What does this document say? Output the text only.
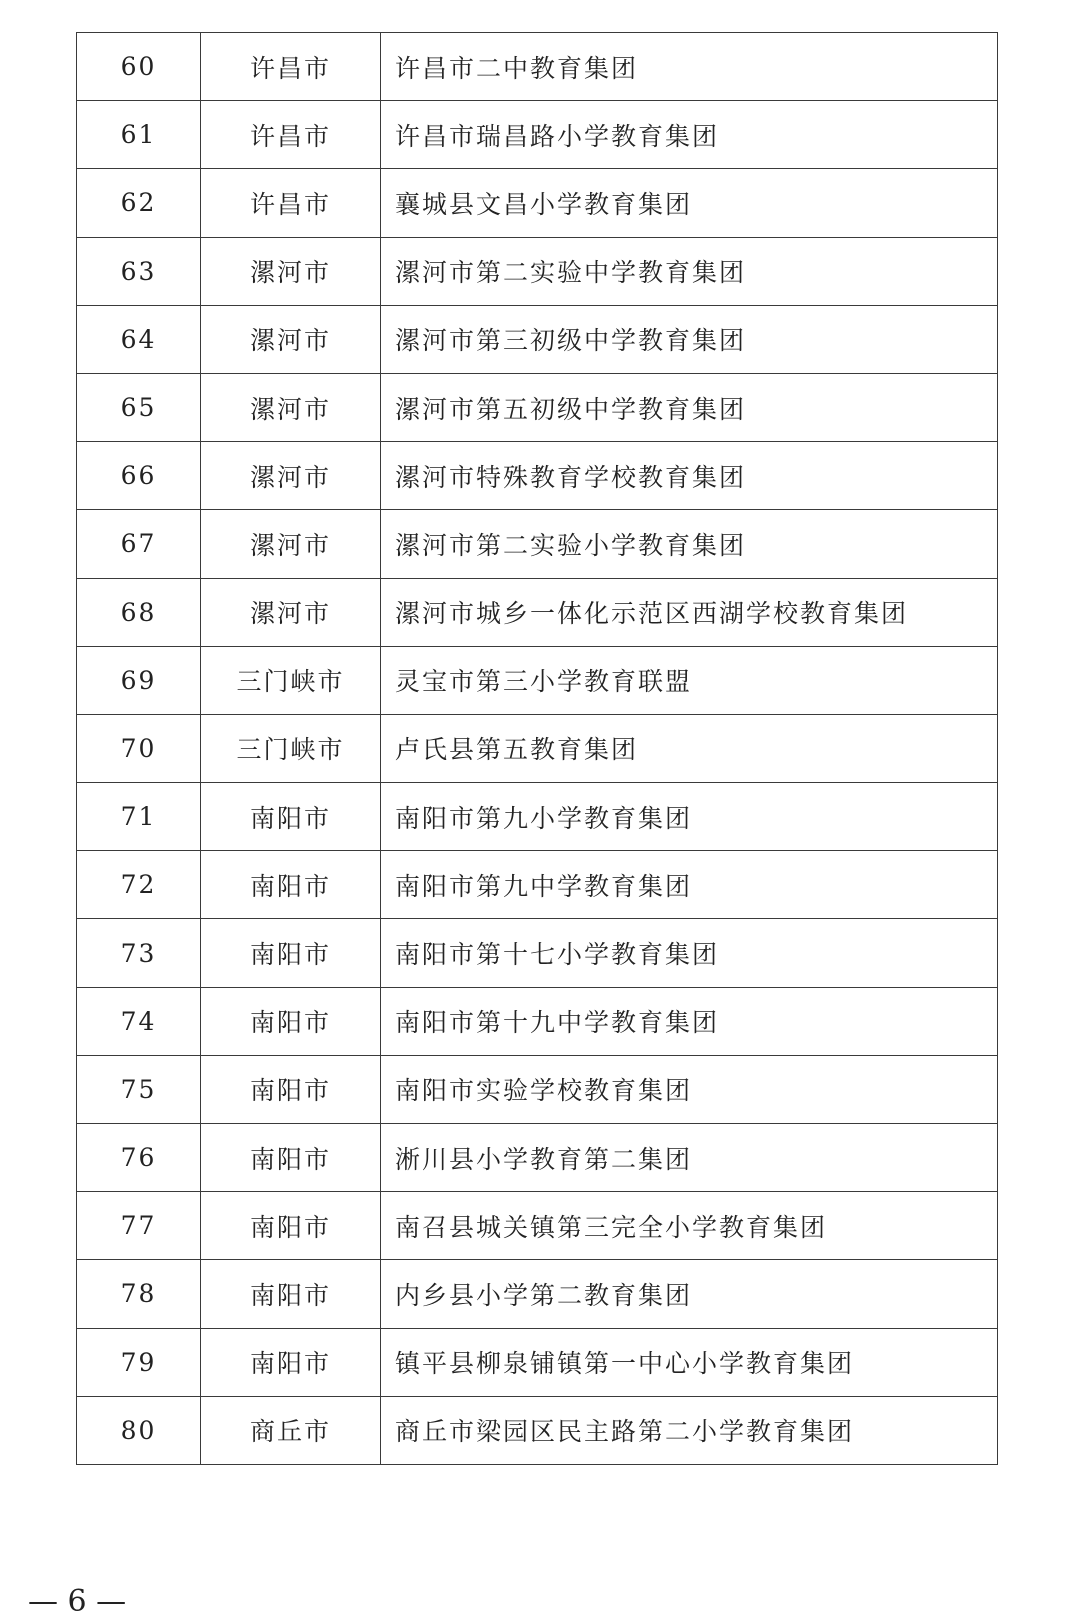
60	许昌市	许昌市二中教育集团
61	许昌市	许昌市瑞昌路小学教育集团
62	许昌市	襄城县文昌小学教育集团
63	漯河市	漯河市第二实验中学教育集团
64	漯河市	漯河市第三初级中学教育集团
65	漯河市	漯河市第五初级中学教育集团
66	漯河市	漯河市特殊教育学校教育集团
67	漯河市	漯河市第二实验小学教育集团
68	漯河市	漯河市城乡一体化示范区西湖学校教育集团
69	三门峡市	灵宝市第三小学教育联盟
70	三门峡市	卢氏县第五教育集团
71	南阳市	南阳市第九小学教育集团
72	南阳市	南阳市第九中学教育集团
73	南阳市	南阳市第十七小学教育集团
74	南阳市	南阳市第十九中学教育集团
75	南阳市	南阳市实验学校教育集团
76	南阳市	淅川县小学教育第二集团
77	南阳市	南召县城关镇第三完全小学教育集团
78	南阳市	内乡县小学第二教育集团
79	南阳市	镇平县柳泉铺镇第一中心小学教育集团
80	商丘市	商丘市梁园区民主路第二小学教育集团
— 6 —
